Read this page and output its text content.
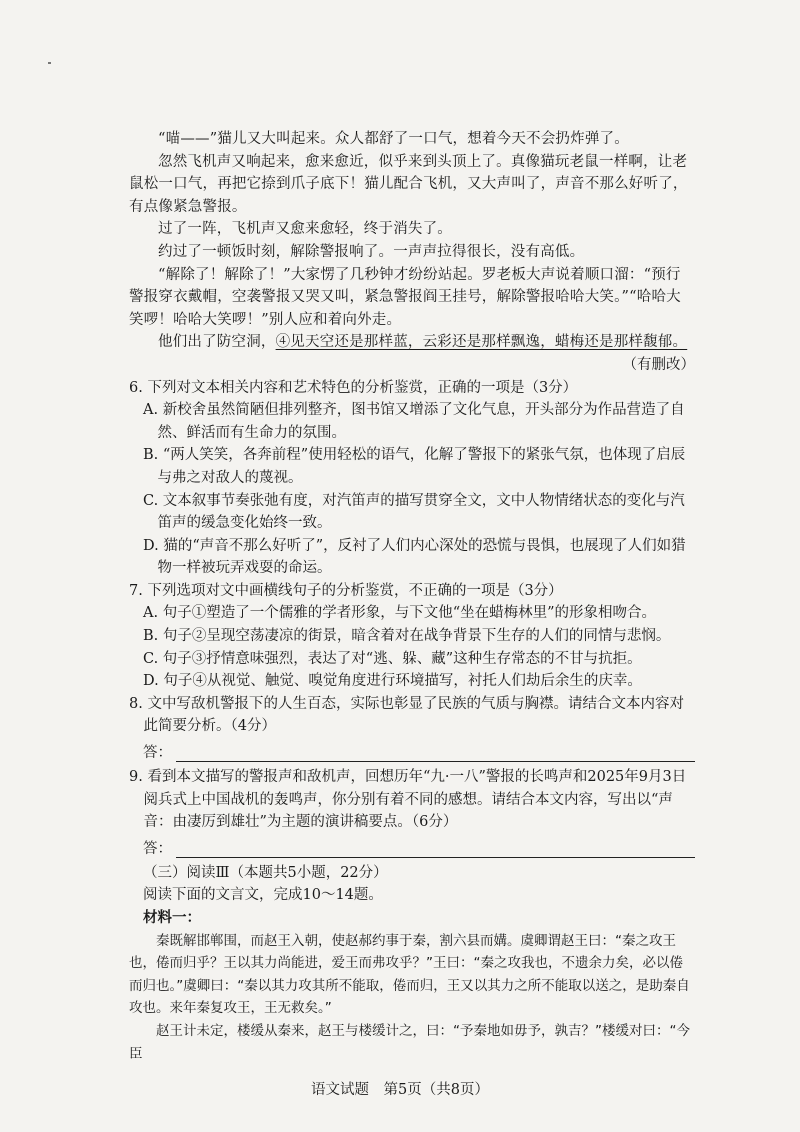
“喵——”猫儿又大叫起来。众人都舒了一口气，想着今天不会扔炸弹了。

忽然飞机声又响起来，愈来愈近，似乎来到头顶上了。真像猫玩老鼠一样啊，让老鼠松一口气，再把它捺到爪子底下！猫儿配合飞机，又大声叫了，声音不那么好听了，有点像紧急警报。

过了一阵，飞机声又愈来愈轻，终于消失了。

约过了一顿饭时刻，解除警报响了。一声声拉得很长，没有高低。

“解除了！解除了！”大家愣了几秒钟才纷纷站起。罗老板大声说着顺口溜：“预行警报穿衣戴帽，空袭警报又哭又叫，紧急警报阎王挂号，解除警报哈哈大笑。”“哈哈大笑啰！哈哈大笑啰！”别人应和着向外走。

他们出了防空洞，④见天空还是那样蓝，云彩还是那样飘逸，蜡梅还是那样馥郁。

（有删改）

6. 下列对文本相关内容和艺术特色的分析鉴赏，正确的一项是（3分）

A. 新校舍虽然简陋但排列整齐，图书馆又增添了文化气息，开头部分为作品营造了自然、鲜活而有生命力的氛围。

B. “两人笑笑，各奔前程”使用轻松的语气，化解了警报下的紧张气氛，也体现了启辰与弗之对敌人的蔑视。

C. 文本叙事节奏张弛有度，对汽笛声的描写贯穿全文，文中人物情绪状态的变化与汽笛声的缓急变化始终一致。

D. 猫的“声音不那么好听了”，反衬了人们内心深处的恐慌与畏惧，也展现了人们如猎物一样被玩弄戏耍的命运。

7. 下列选项对文中画横线句子的分析鉴赏，不正确的一项是（3分）

A. 句子①塑造了一个儒雅的学者形象，与下文他“坐在蜡梅林里”的形象相吻合。

B. 句子②呈现空荡凄凉的街景，暗含着对在战争背景下生存的人们的同情与悲悯。

C. 句子③抒情意味强烈，表达了对“逃、躲、藏”这种生存常态的不甘与抗拒。

D. 句子④从视觉、触觉、嗅觉角度进行环境描写，衬托人们劫后余生的庆幸。

8. 文中写敌机警报下的人生百态，实际也彰显了民族的气质与胸襟。请结合文本内容对此简要分析。（4分）

答：

9. 看到本文描写的警报声和敌机声，回想历年“九·一八”警报的长鸣声和2025年9月3日阅兵式上中国战机的轰鸣声，你分别有着不同的感想。请结合本文内容，写出以“声音：由凄厉到雄壮”为主题的演讲稿要点。（6分）

答：

（三）阅读Ⅲ（本题共5小题，22分）

阅读下面的文言文，完成10～14题。

材料一：

秦既解邯郸围，而赵王入朝，使赵郝约事于秦，割六县而媾。虞卿谓赵王曰：“秦之攻王也，倦而归乎？王以其力尚能进，爱王而弗攻乎？”王曰：“秦之攻我也，不遗余力矣，必以倦而归也。”虞卿曰：“秦以其力攻其所不能取，倦而归，王又以其力之所不能取以送之，是助秦自攻也。来年秦复攻王，王无救矣。”

赵王计未定，楼缓从秦来，赵王与楼缓计之，曰：“予秦地如毋予，孰吉？”楼缓对曰：“今臣

语文试题　第5页（共8页）
